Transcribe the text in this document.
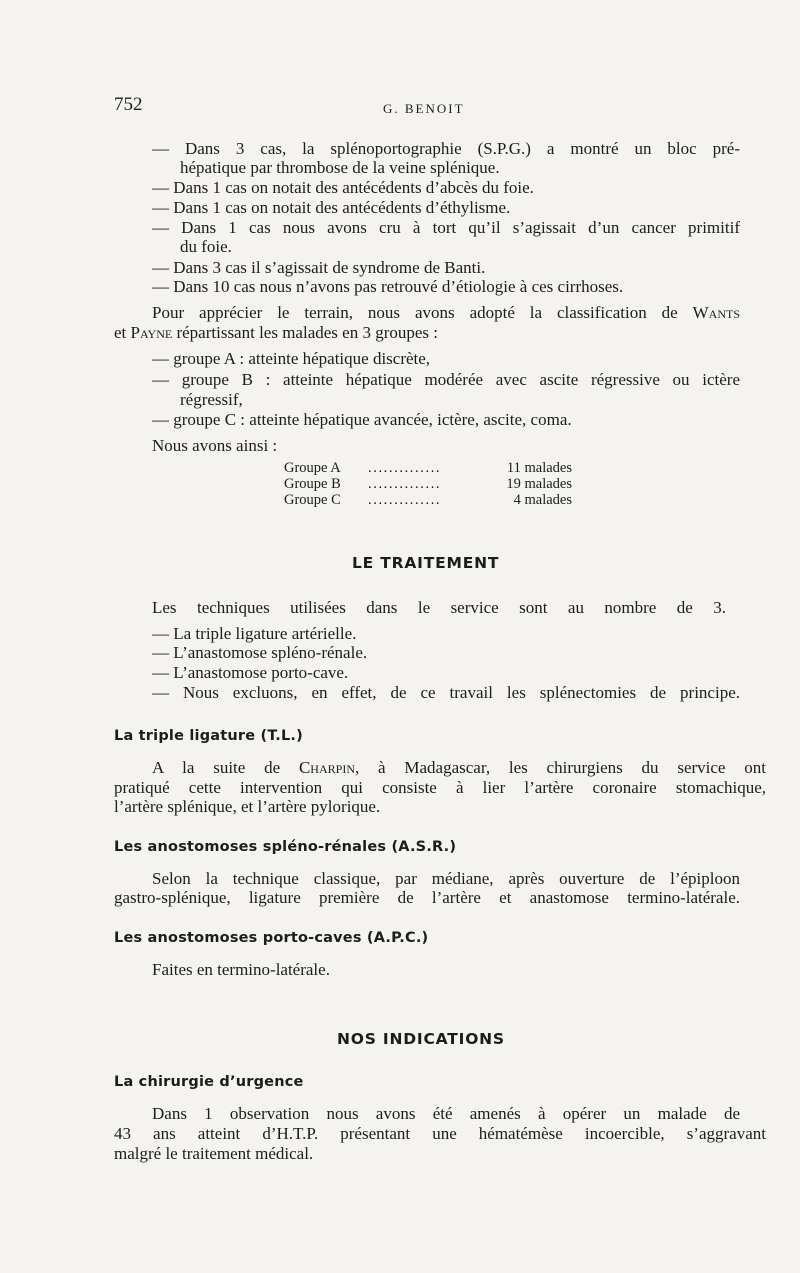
752	G. BENOIT
— Dans 3 cas, la splénoportographie (S.P.G.) a montré un bloc pré-
hépatique par thrombose de la veine splénique.
— Dans 1 cas on notait des antécédents d’abcès du foie.
— Dans 1 cas on notait des antécédents d’éthylisme.
— Dans 1 cas nous avons cru à tort qu’il s’agissait d’un cancer primitif
du foie.
— Dans 3 cas il s’agissait de syndrome de Banti.
— Dans 10 cas nous n’avons pas retrouvé d’étiologie à ces cirrhoses.
Pour apprécier le terrain, nous avons adopté la classification de Wants
et Payne répartissant les malades en 3 groupes :
— groupe A : atteinte hépatique discrète,
— groupe B : atteinte hépatique modérée avec ascite régressive ou ictère
régressif,
— groupe C : atteinte hépatique avancée, ictère, ascite, coma.
Nous avons ainsi :
Groupe A ..............	11 malades
Groupe B ..............	19 malades
Groupe C ..............	4 malades
LE TRAITEMENT
Les techniques utilisées dans le service sont au nombre de 3.
— La triple ligature artérielle.
— L’anastomose spléno-rénale.
— L’anastomose porto-cave.
— Nous excluons, en effet, de ce travail les splénectomies de principe.
La triple ligature (T.L.)
A la suite de Charpin, à Madagascar, les chirurgiens du service ont
pratiqué cette intervention qui consiste à lier l’artère coronaire stomachique,
l’artère splénique, et l’artère pylorique.
Les anostomoses spléno-rénales (A.S.R.)
Selon la technique classique, par médiane, après ouverture de l’épiploon
gastro-splénique, ligature première de l’artère et anastomose termino-latérale.
Les anostomoses porto-caves (A.P.C.)
Faites en termino-latérale.
NOS INDICATIONS
La chirurgie d’urgence
Dans 1 observation nous avons été amenés à opérer un malade de
43 ans atteint d’H.T.P. présentant une hématémèse incoercible, s’aggravant
malgré le traitement médical.
